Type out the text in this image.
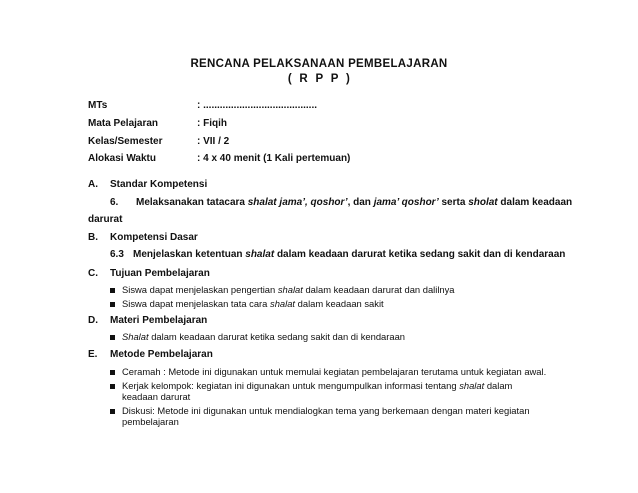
RENCANA PELAKSANAAN PEMBELAJARAN
( R P P )
MTs	: .........................................
Mata Pelajaran	: Fiqih
Kelas/Semester	: VII / 2
Alokasi Waktu	: 4 x 40 menit (1 Kali pertemuan)
A. Standar Kompetensi
6. Melaksanakan tatacara shalat jama’, qoshor’, dan jama’ qoshor’ serta sholat dalam keadaan
darurat
B. Kompetensi Dasar
6.3 Menjelaskan ketentuan shalat dalam keadaan darurat ketika sedang sakit dan di kendaraan
C. Tujuan Pembelajaran
Siswa dapat menjelaskan pengertian shalat dalam keadaan darurat dan dalilnya
Siswa dapat menjelaskan tata cara shalat dalam keadaan sakit
D. Materi Pembelajaran
Shalat dalam keadaan darurat ketika sedang sakit dan di kendaraan
E. Metode Pembelajaran
Ceramah : Metode ini digunakan untuk memulai kegiatan pembelajaran terutama untuk kegiatan awal.
Kerjak kelompok: kegiatan ini digunakan untuk mengumpulkan informasi tentang shalat dalam
keadaan darurat
Diskusi: Metode ini digunakan untuk mendialogkan tema yang berkemaan dengan materi kegiatan
pembelajaran
